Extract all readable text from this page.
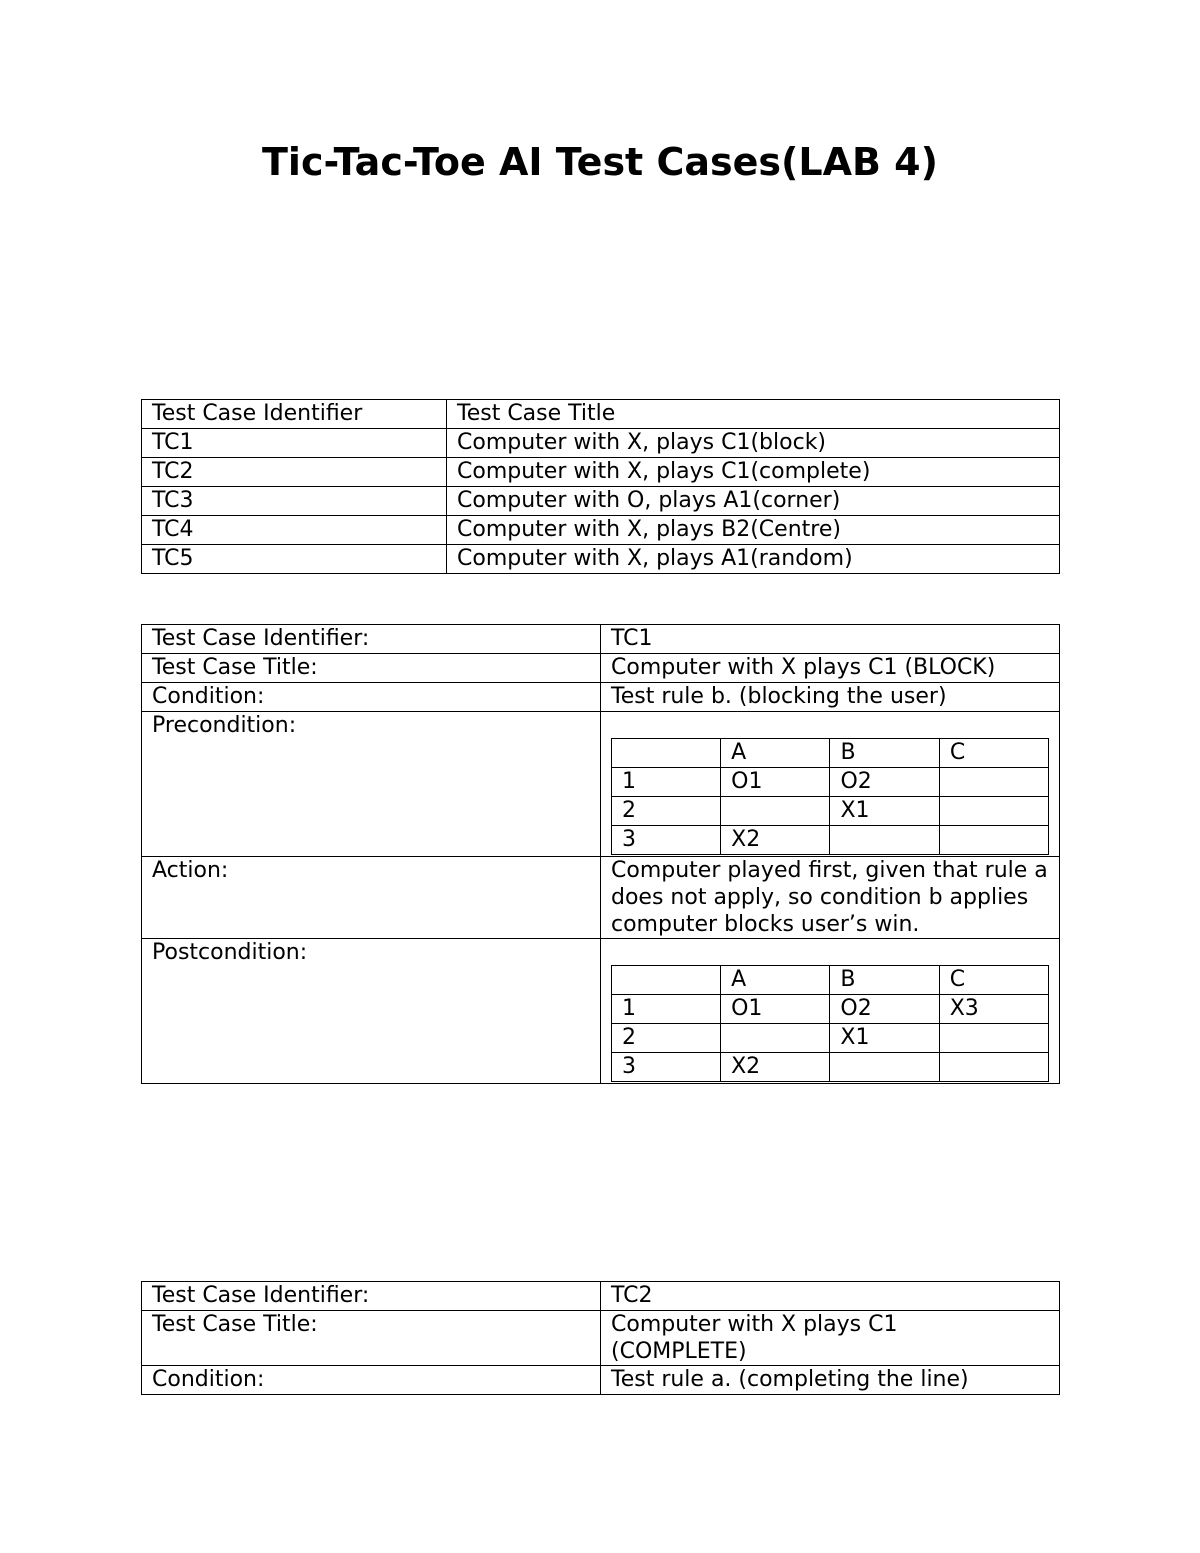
Tic-Tac-Toe AI Test Cases(LAB 4)
Test Case Identifier	Test Case Title
TC1	Computer with X, plays C1(block)
TC2	Computer with X, plays C1(complete)
TC3	Computer with O, plays A1(corner)
TC4	Computer with X, plays B2(Centre)
TC5	Computer with X, plays A1(random)
Test Case Identifier:	TC1
Test Case Title:	Computer with X plays C1 (BLOCK)
Condition:	Test rule b. (blocking the user)
Precondition:	
	A	B	C
1	O1	O2	
2		X1	
3	X2		

Action:	Computer played first, given that rule a does not apply, so condition b applies computer blocks user’s win.
Postcondition:	
	A	B	C
1	O1	O2	X3
2		X1	
3	X2		
Test Case Identifier:	TC2
Test Case Title:	Computer with X plays C1 (COMPLETE)
Condition:	Test rule a. (completing the line)
